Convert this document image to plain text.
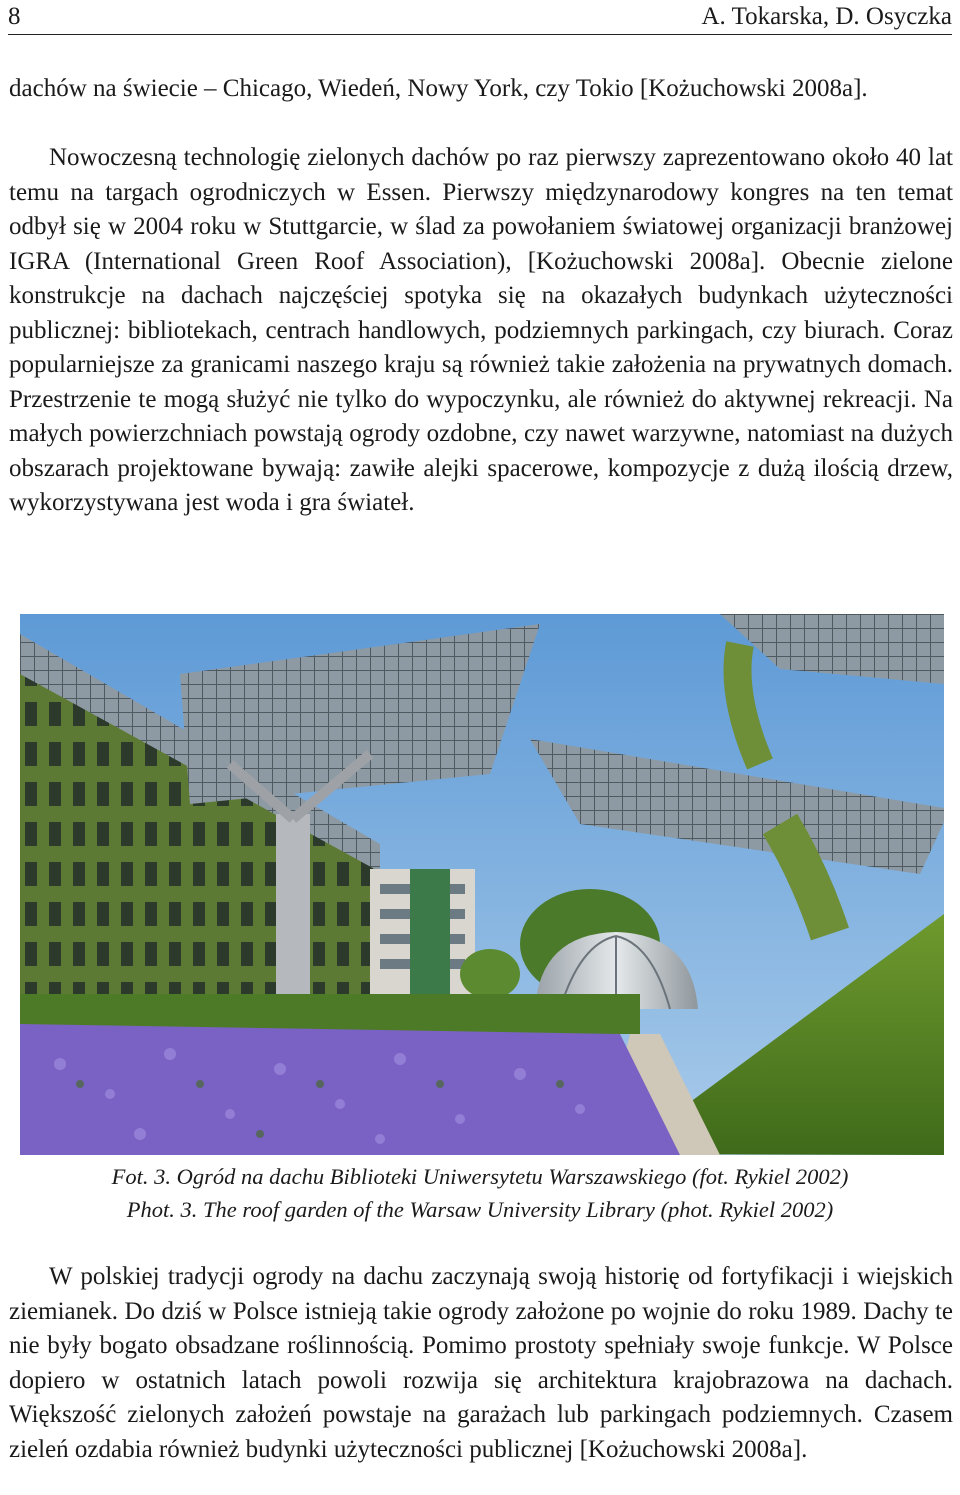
8	A. Tokarska, D. Osyczka

dachów na świecie – Chicago, Wiedeń, Nowy York, czy Tokio [Kożuchowski 2008a].

Nowoczesną technologię zielonych dachów po raz pierwszy zaprezentowano około 40 lat temu na targach ogrodniczych w Essen. Pierwszy międzynarodowy kongres na ten temat odbył się w 2004 roku w Stuttgarcie, w ślad za powołaniem światowej organizacji branżowej IGRA (International Green Roof Association), [Kożuchowski 2008a]. Obecnie zielone konstrukcje na dachach najczęściej spotyka się na okazałych budynkach użyteczności publicznej: bibliotekach, centrach handlowych, podziemnych parkingach, czy biurach. Coraz popularniejsze za granicami naszego kraju są również takie założenia na prywatnych domach. Przestrzenie te mogą służyć nie tylko do wypoczynku, ale również do aktywnej rekreacji. Na małych powierzchniach powstają ogrody ozdobne, czy nawet warzywne, natomiast na dużych obszarach projektowane bywają: zawiłe alejki spacerowe, kompozycje z dużą ilością drzew, wykorzystywana jest woda i gra świateł.

Fot. 3. Ogród na dachu Biblioteki Uniwersytetu Warszawskiego (fot. Rykiel 2002)
Phot. 3. The roof garden of the Warsaw University Library (phot. Rykiel 2002)

W polskiej tradycji ogrody na dachu zaczynają swoją historię od fortyfikacji i wiejskich ziemianek. Do dziś w Polsce istnieją takie ogrody założone po wojnie do roku 1989. Dachy te nie były bogato obsadzane roślinnością. Pomimo prostoty spełniały swoje funkcje. W Polsce dopiero w ostatnich latach powoli rozwija się architektura krajobrazowa na dachach. Większość zielonych założeń powstaje na garażach lub parkingach podziemnych. Czasem zieleń ozdabia również budynki użyteczności publicznej [Kożuchowski 2008a].
